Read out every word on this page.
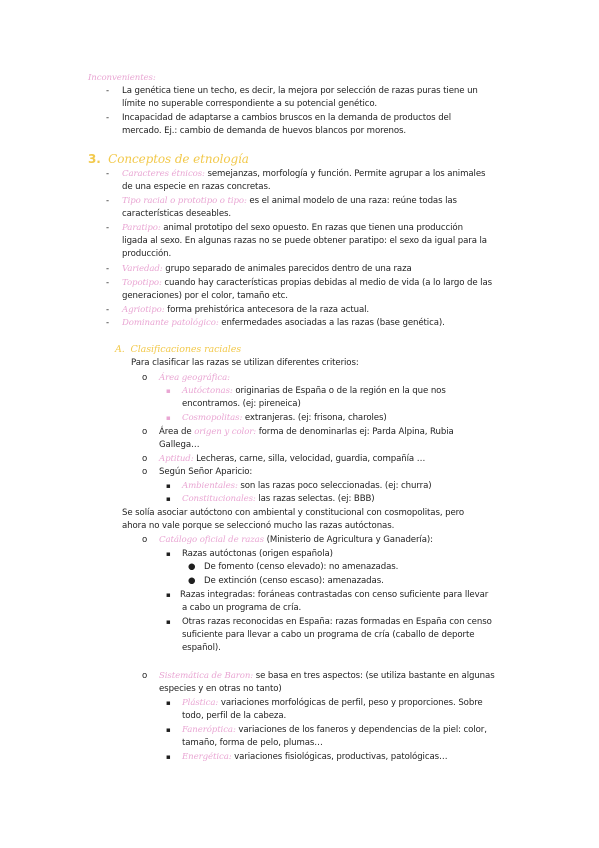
Inconvenientes:
- La genética tiene un techo, es decir, la mejora por selección de razas puras tiene un
límite no superable correspondiente a su potencial genético.
- Incapacidad de adaptarse a cambios bruscos en la demanda de productos del
mercado. Ej.: cambio de demanda de huevos blancos por morenos.
3. Conceptos de etnología
- Caracteres étnicos: semejanzas, morfología y función. Permite agrupar a los animales
de una especie en razas concretas.
- Tipo racial o prototipo o tipo: es el animal modelo de una raza: reúne todas las
características deseables.
- Paratipo: animal prototipo del sexo opuesto. En razas que tienen una producción
ligada al sexo. En algunas razas no se puede obtener paratipo: el sexo da igual para la
producción.
- Variedad: grupo separado de animales parecidos dentro de una raza
- Topotipo: cuando hay características propias debidas al medio de vida (a lo largo de las
generaciones) por el color, tamaño etc.
- Agriotipo: forma prehistórica antecesora de la raza actual.
- Dominante patológico: enfermedades asociadas a las razas (base genética).
A. Clasificaciones raciales
Para clasificar las razas se utilizan diferentes criterios:
o Área geográfica:
▪ Autóctonas: originarias de España o de la región en la que nos
encontramos. (ej: pireneica)
▪ Cosmopolitas: extranjeras. (ej: frisona, charoles)
o Área de origen y color: forma de denominarlas ej: Parda Alpina, Rubia
Gallega…
o Aptitud: Lecheras, carne, silla, velocidad, guardia, compañía …
o Según Señor Aparicio:
▪ Ambientales: son las razas poco seleccionadas. (ej: churra)
▪ Constitucionales: las razas selectas. (ej: BBB)
Se solía asociar autóctono con ambiental y constitucional con cosmopolitas, pero
ahora no vale porque se seleccionó mucho las razas autóctonas.
o Catálogo oficial de razas (Ministerio de Agricultura y Ganadería):
▪ Razas autóctonas (origen española)
● De fomento (censo elevado): no amenazadas.
● De extinción (censo escaso): amenazadas.
▪ Razas integradas: foráneas contrastadas con censo suficiente para llevar
a cabo un programa de cría.
▪ Otras razas reconocidas en España: razas formadas en España con censo
suficiente para llevar a cabo un programa de cría (caballo de deporte
español).
o Sistemática de Baron: se basa en tres aspectos: (se utiliza bastante en algunas
especies y en otras no tanto)
▪ Plástica: variaciones morfológicas de perfil, peso y proporciones. Sobre
todo, perfil de la cabeza.
▪ Faneróptica: variaciones de los faneros y dependencias de la piel: color,
tamaño, forma de pelo, plumas…
▪ Energética: variaciones fisiológicas, productivas, patológicas…
